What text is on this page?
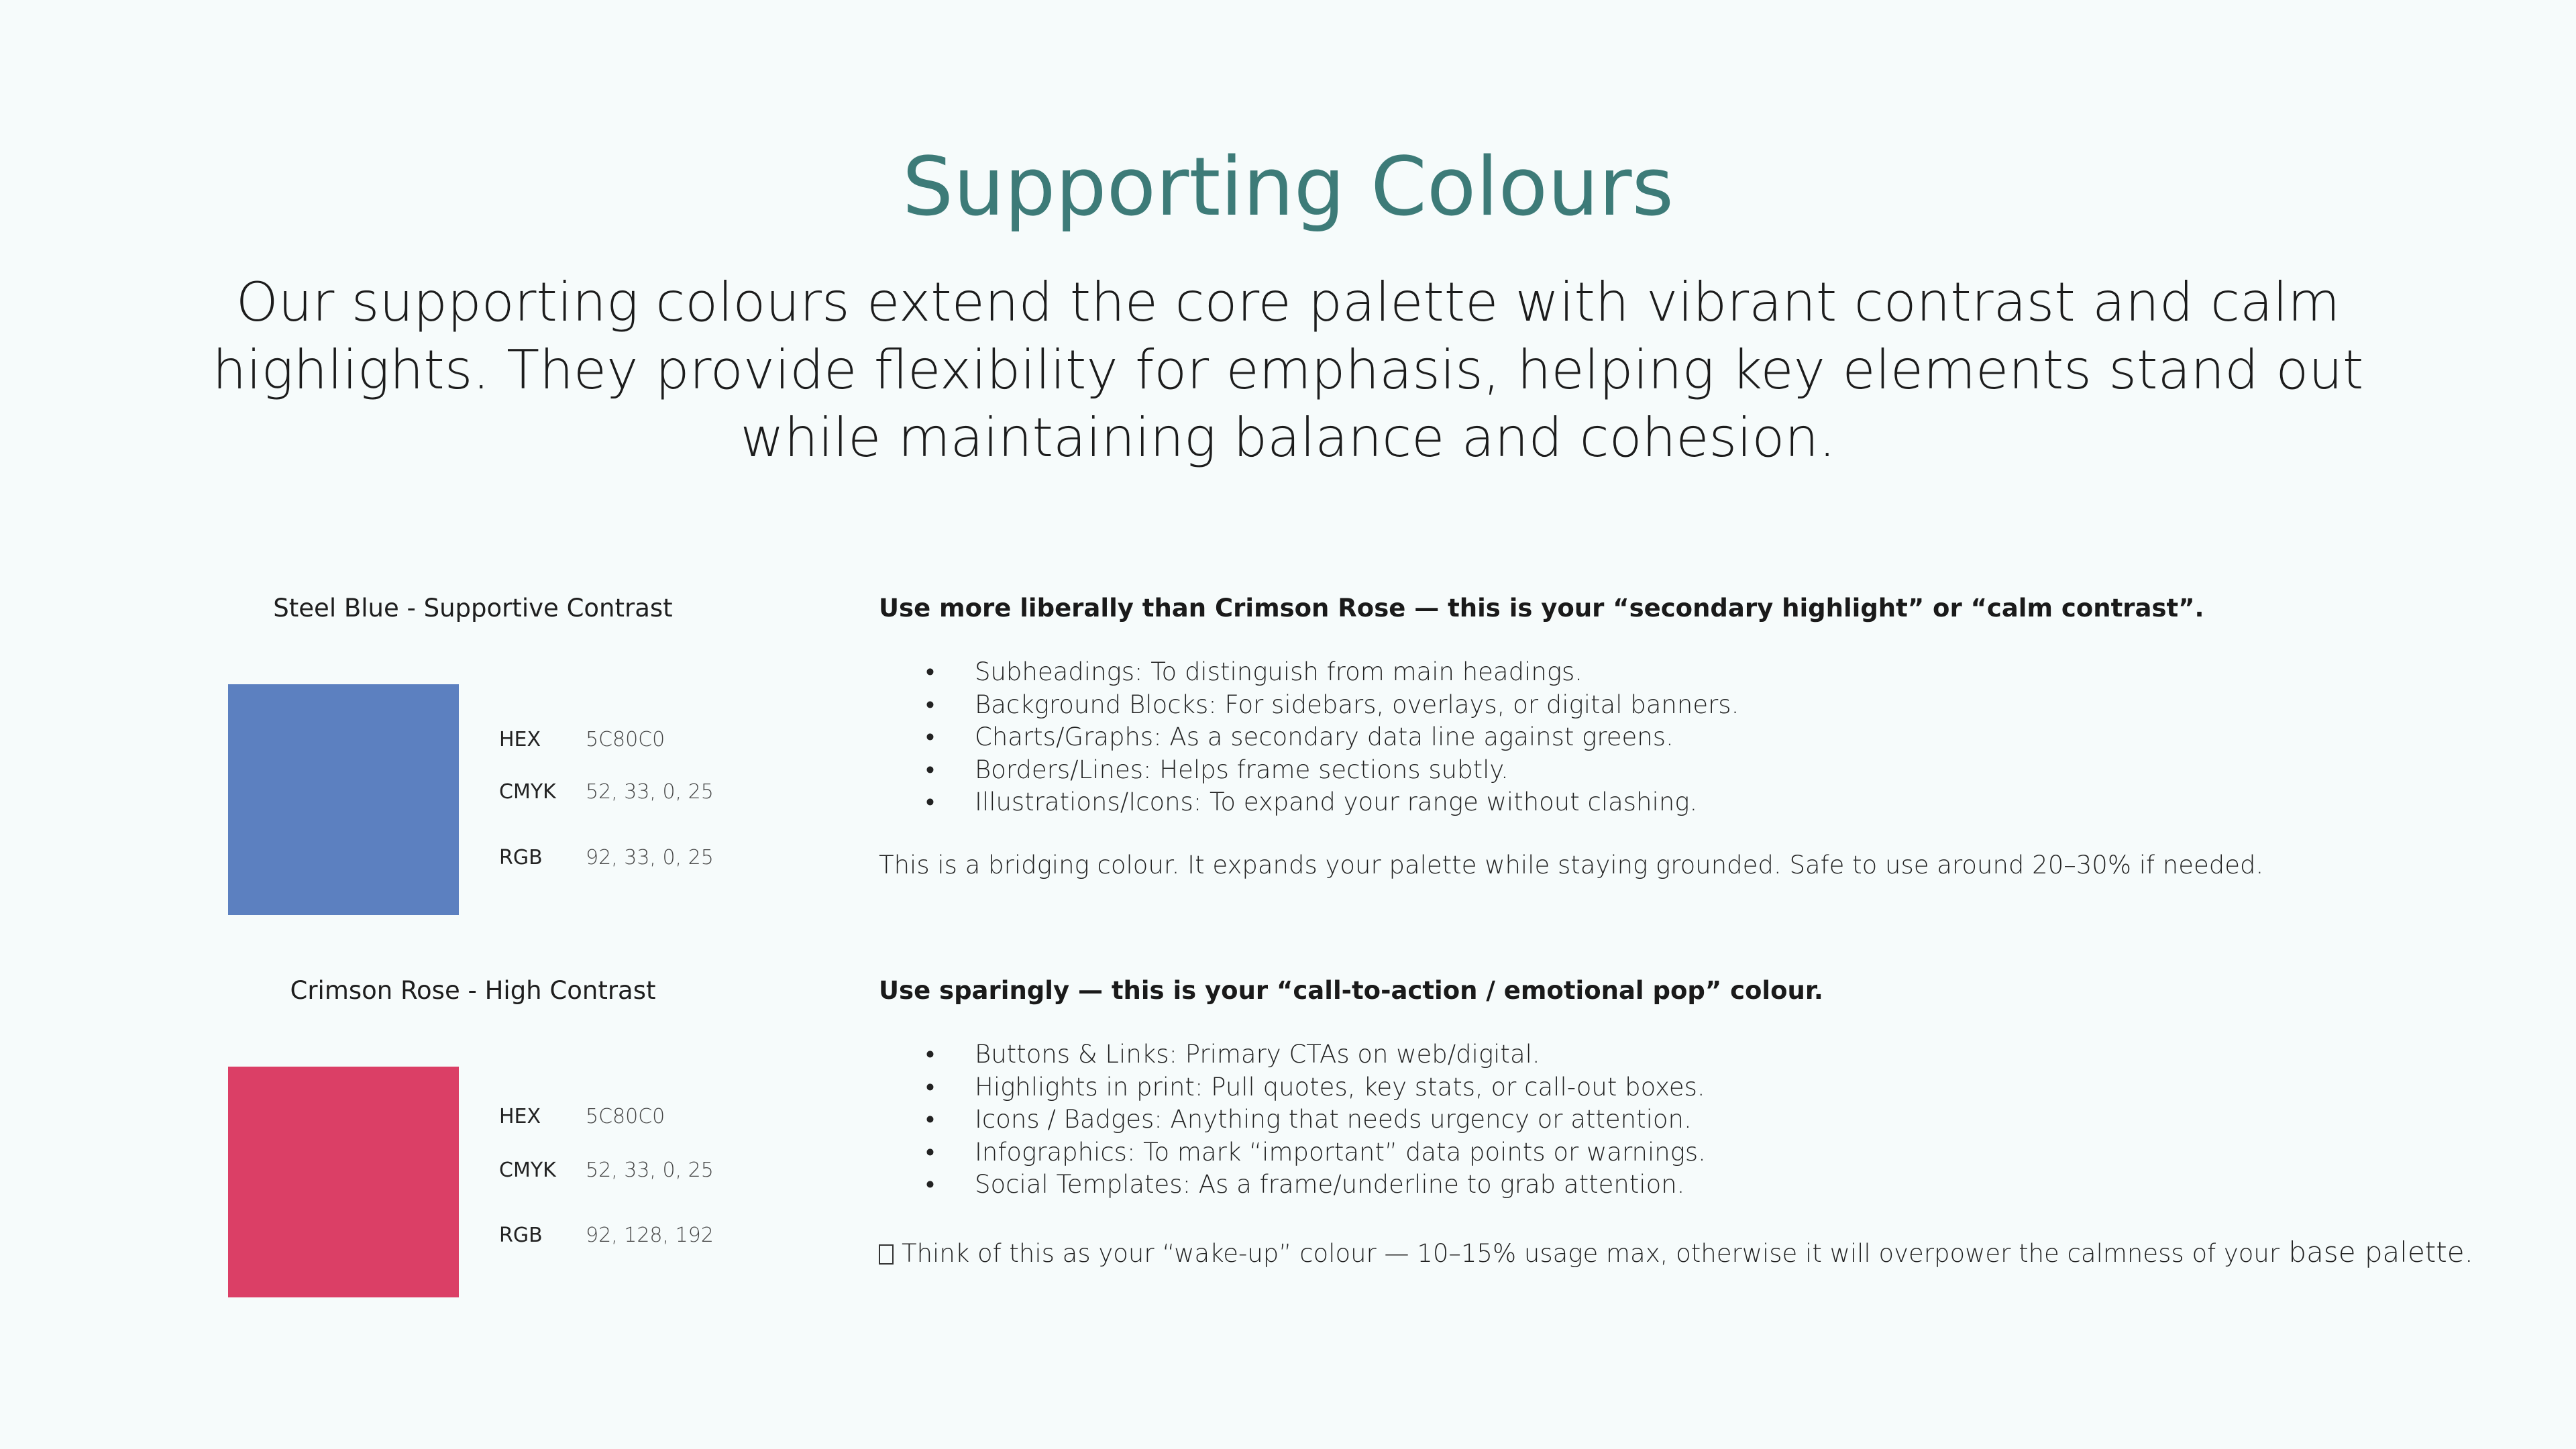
Supporting Colours

Our supporting colours extend the core palette with vibrant contrast and calm highlights. They provide flexibility for emphasis, helping key elements stand out while maintaining balance and cohesion.

Steel Blue - Supportive Contrast
HEX 5C80C0
CMYK 52, 33, 0, 25
RGB 92, 33, 0, 25

Use more liberally than Crimson Rose — this is your “secondary highlight” or “calm contrast”.

• Subheadings: To distinguish from main headings.
• Background Blocks: For sidebars, overlays, or digital banners.
• Charts/Graphs: As a secondary data line against greens.
• Borders/Lines: Helps frame sections subtly.
• Illustrations/Icons: To expand your range without clashing.

This is a bridging colour. It expands your palette while staying grounded. Safe to use around 20–30% if needed.

Crimson Rose - High Contrast
HEX 5C80C0
CMYK 52, 33, 0, 25
RGB 92, 128, 192

Use sparingly — this is your “call-to-action / emotional pop” colour.

• Buttons & Links: Primary CTAs on web/digital.
• Highlights in print: Pull quotes, key stats, or call-out boxes.
• Icons / Badges: Anything that needs urgency or attention.
• Infographics: To mark “important” data points or warnings.
• Social Templates: As a frame/underline to grab attention.

Think of this as your “wake-up” colour — 10–15% usage max, otherwise it will overpower the calmness of your base palette.
